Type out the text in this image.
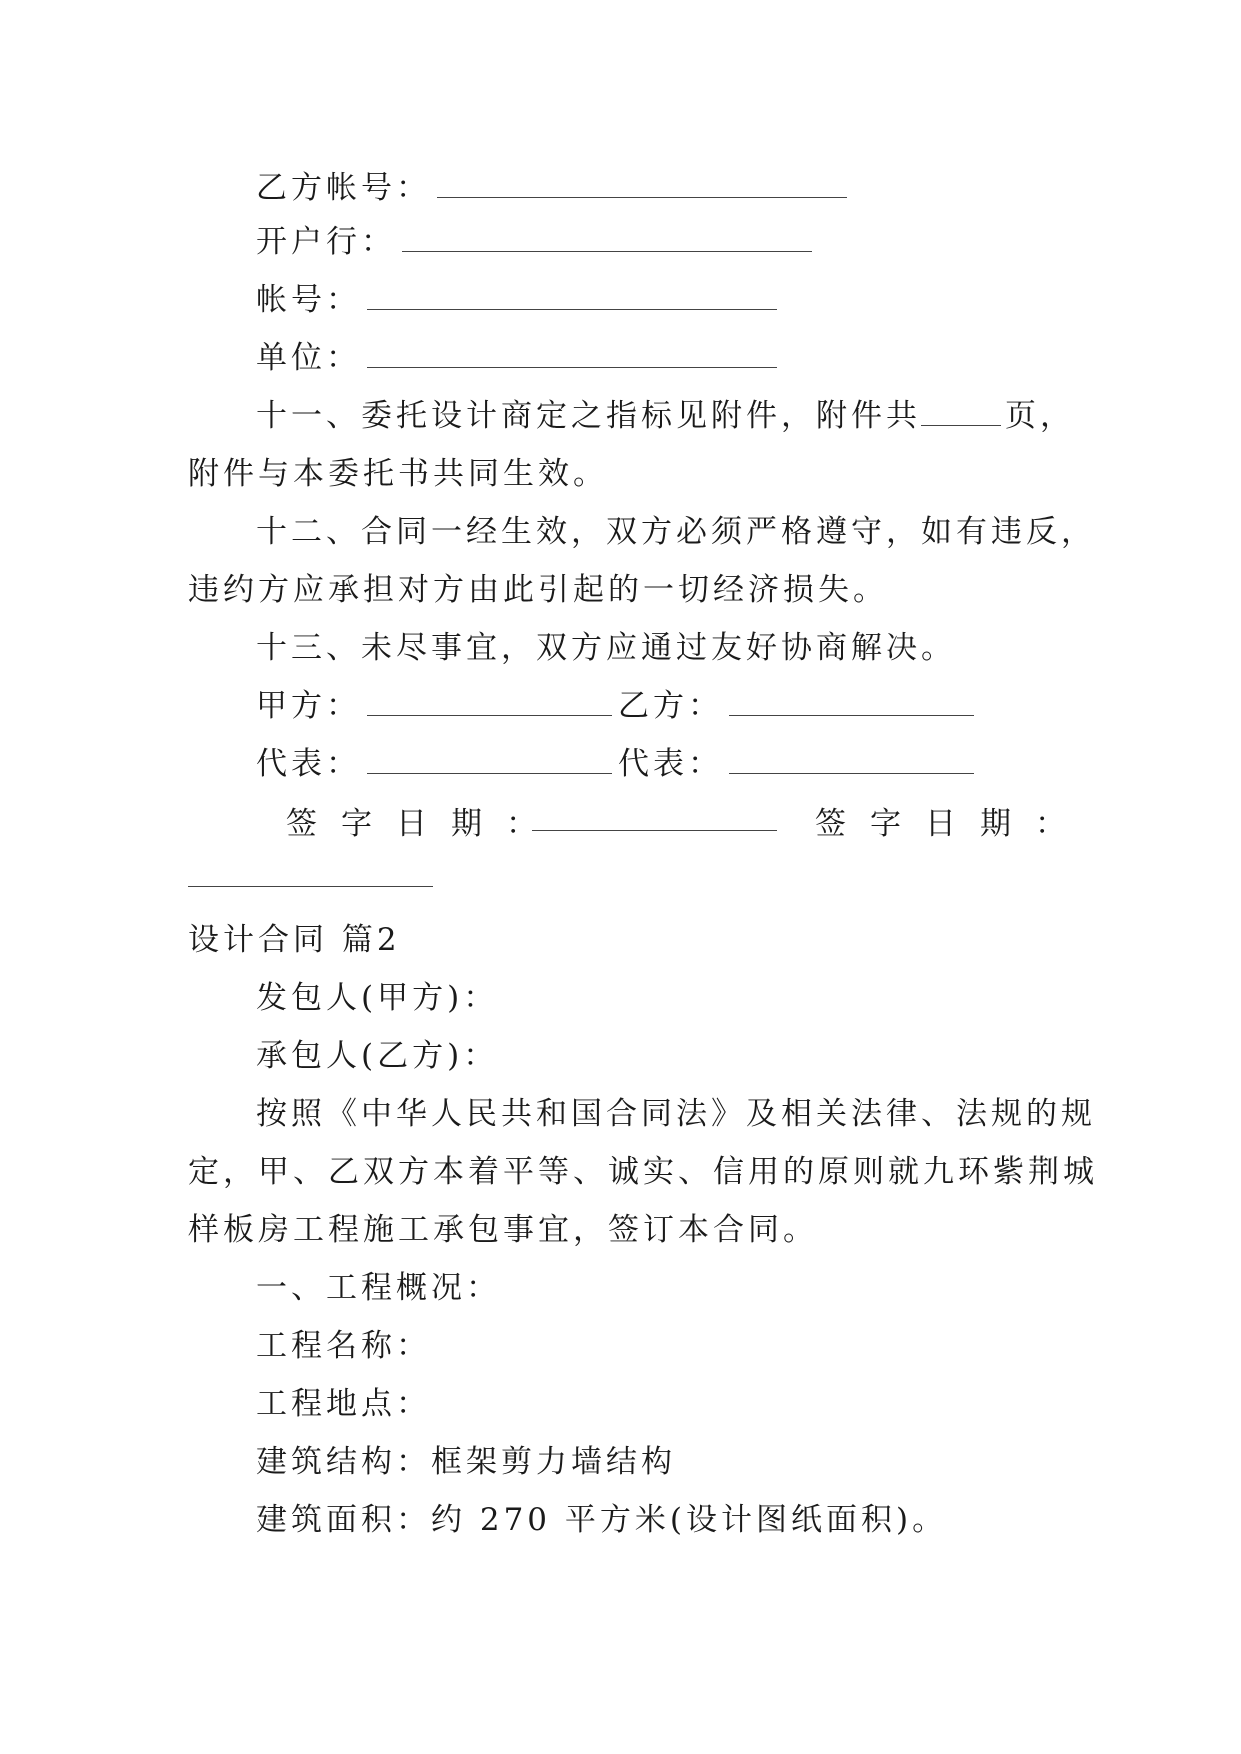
乙方帐号：
开户行：
帐号：
单位：
十一、委托设计商定之指标见附件，附件共	页，
附件与本委托书共同生效。
十二、合同一经生效，双方必须严格遵守，如有违反，
违约方应承担对方由此引起的一切经济损失。
十三、未尽事宜，双方应通过友好协商解决。
甲方：	乙方：
代表：	代表：
签字日期：	签字日期：
设计合同 篇2
发包人(甲方)：
承包人(乙方)：
按照《中华人民共和国合同法》及相关法律、法规的规
定，甲、乙双方本着平等、诚实、信用的原则就九环紫荆城
样板房工程施工承包事宜，签订本合同。
一、工程概况：
工程名称：
工程地点：
建筑结构：框架剪力墙结构
建筑面积：约 270 平方米(设计图纸面积)。
